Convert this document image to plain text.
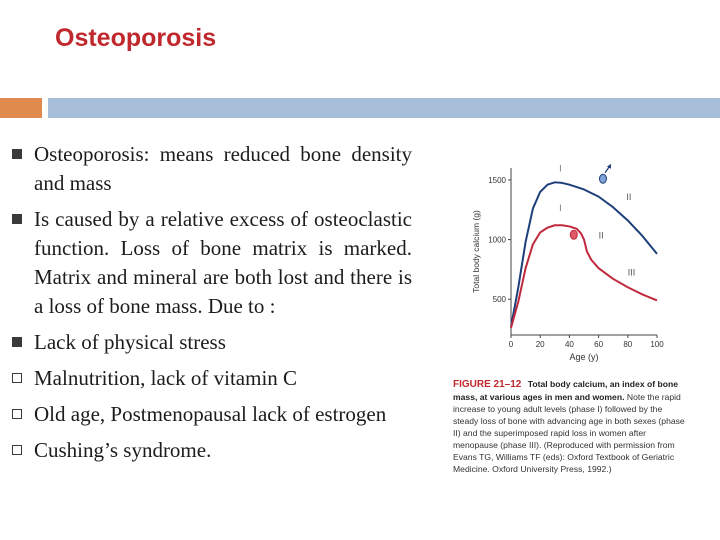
Osteoporosis
Osteoporosis: means reduced bone density and mass
Is caused by a relative excess of osteoclastic function. Loss of bone matrix is marked. Matrix and mineral are both lost and there is a loss of bone mass. Due to :
Lack of physical stress
Malnutrition, lack of vitamin C
Old age, Postmenopausal lack of estrogen
Cushing’s syndrome.
0	20	40	60	80 100
500
1000
1500
Age (y)
Total body calcium (g)
I
II
I
II
III
FIGURE 21–12 Total body calcium, an index of bone mass, at various ages in men and women. Note the rapid increase to young adult levels (phase I) followed by the steady loss of bone with advancing age in both sexes (phase II) and the superimposed rapid loss in women after menopause (phase III). (Reproduced with permission from Evans TG, Williams TF (eds): Oxford Textbook of Geriatric Medicine. Oxford University Press, 1992.)
